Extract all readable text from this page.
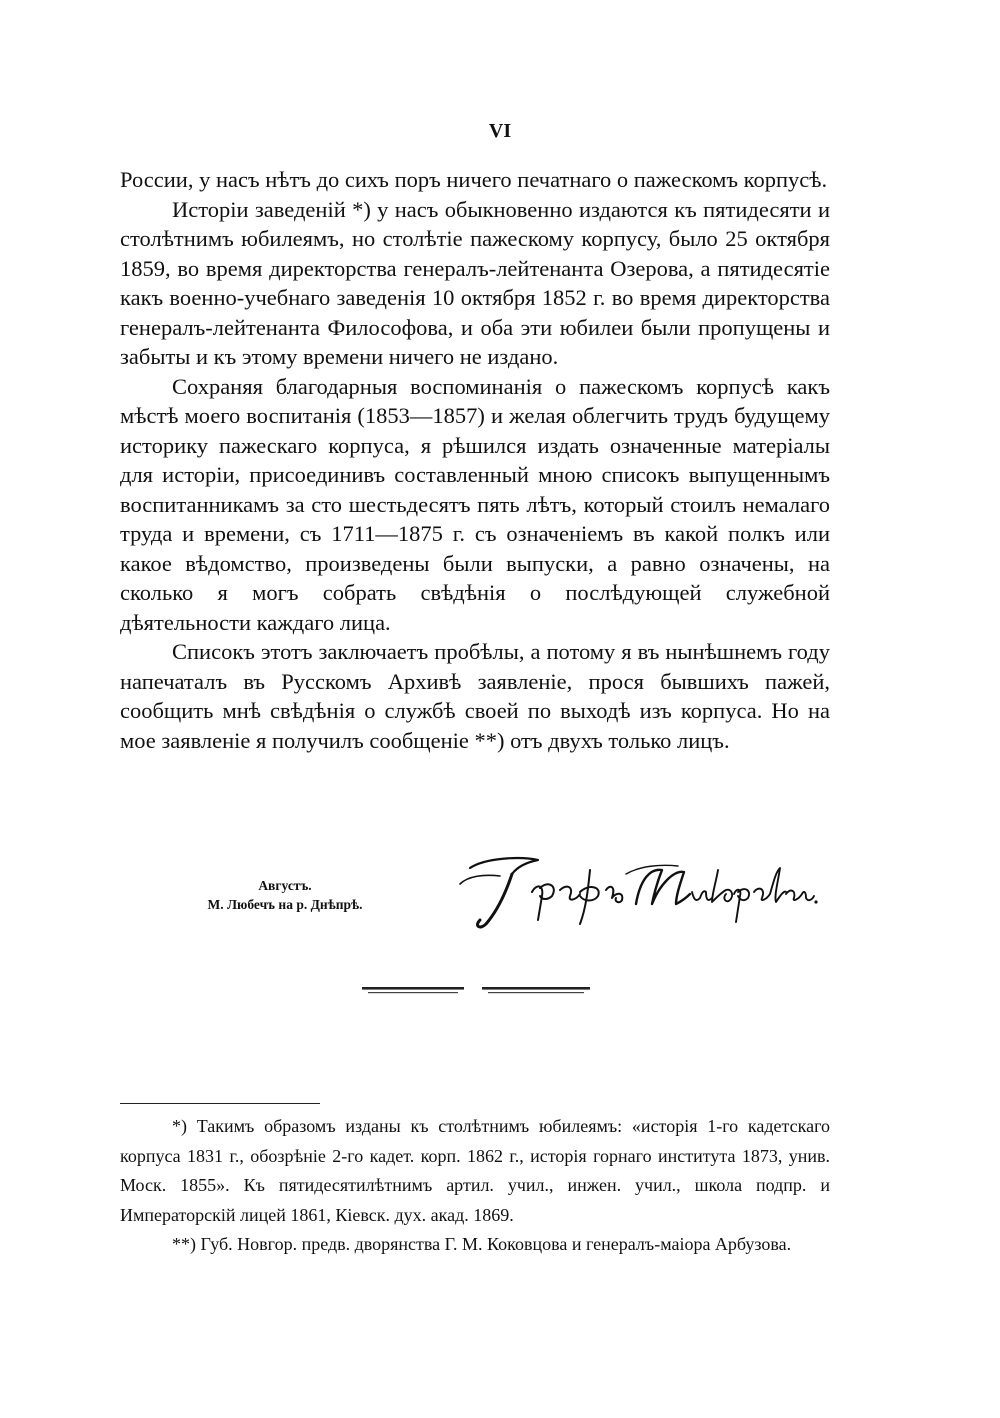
VI

России, у насъ нѣтъ до сихъ поръ ничего печатнаго о пажескомъ корпусѣ.

Исторіи заведеній *) у насъ обыкновенно издаются къ пятидесяти и столѣтнимъ юбилеямъ, но столѣтіе пажескому корпусу, было 25 октября 1859, во время директорства генералъ-лейтенанта Озерова, а пятидесятіе какъ военно-учебнаго заведенія 10 октября 1852 г. во время директорства генералъ-лейтенанта Философова, и оба эти юбилеи были пропущены и забыты и къ этому времени ничего не издано.

Сохраняя благодарныя воспоминанія о пажескомъ корпусѣ какъ мѣстѣ моего воспитанія (1853—1857) и желая облегчить трудъ будущему историку пажескаго корпуса, я рѣшился издать означенные матеріалы для исторіи, присоединивъ составленный мною списокъ выпущеннымъ воспитанникамъ за сто шестьдесятъ пять лѣтъ, который стоилъ немалаго труда и времени, съ 1711—1875 г. съ означеніемъ въ какой полкъ или какое вѣдомство, произведены были выпуски, а равно означены, на сколько я могъ собрать свѣдѣнія о послѣдующей служебной дѣятельности каждаго лица.

Списокъ этотъ заключаетъ пробѣлы, а потому я въ нынѣшнемъ году напечаталъ въ Русскомъ Архивѣ заявленіе, прося бывшихъ пажей, сообщить мнѣ свѣдѣнія о службѣ своей по выходѣ изъ корпуса. Но на мое заявленіе я получилъ сообщеніе **) отъ двухъ только лицъ.

Августъ.
М. Любечъ на р. Днѣпрѣ.

*) Такимъ образомъ изданы къ столѣтнимъ юбилеямъ: «исторія 1-го кадетскаго корпуса 1831 г., обозрѣніе 2-го кадет. корп. 1862 г., исторія горнаго института 1873, унив. Моск. 1855». Къ пятидесятилѣтнимъ артил. учил., инжен. учил., школа подпр. и Императорскій лицей 1861, Кіевск. дух. акад. 1869.

**) Губ. Новгор. предв. дворянства Г. М. Коковцова и генералъ-маіора Арбузова.
